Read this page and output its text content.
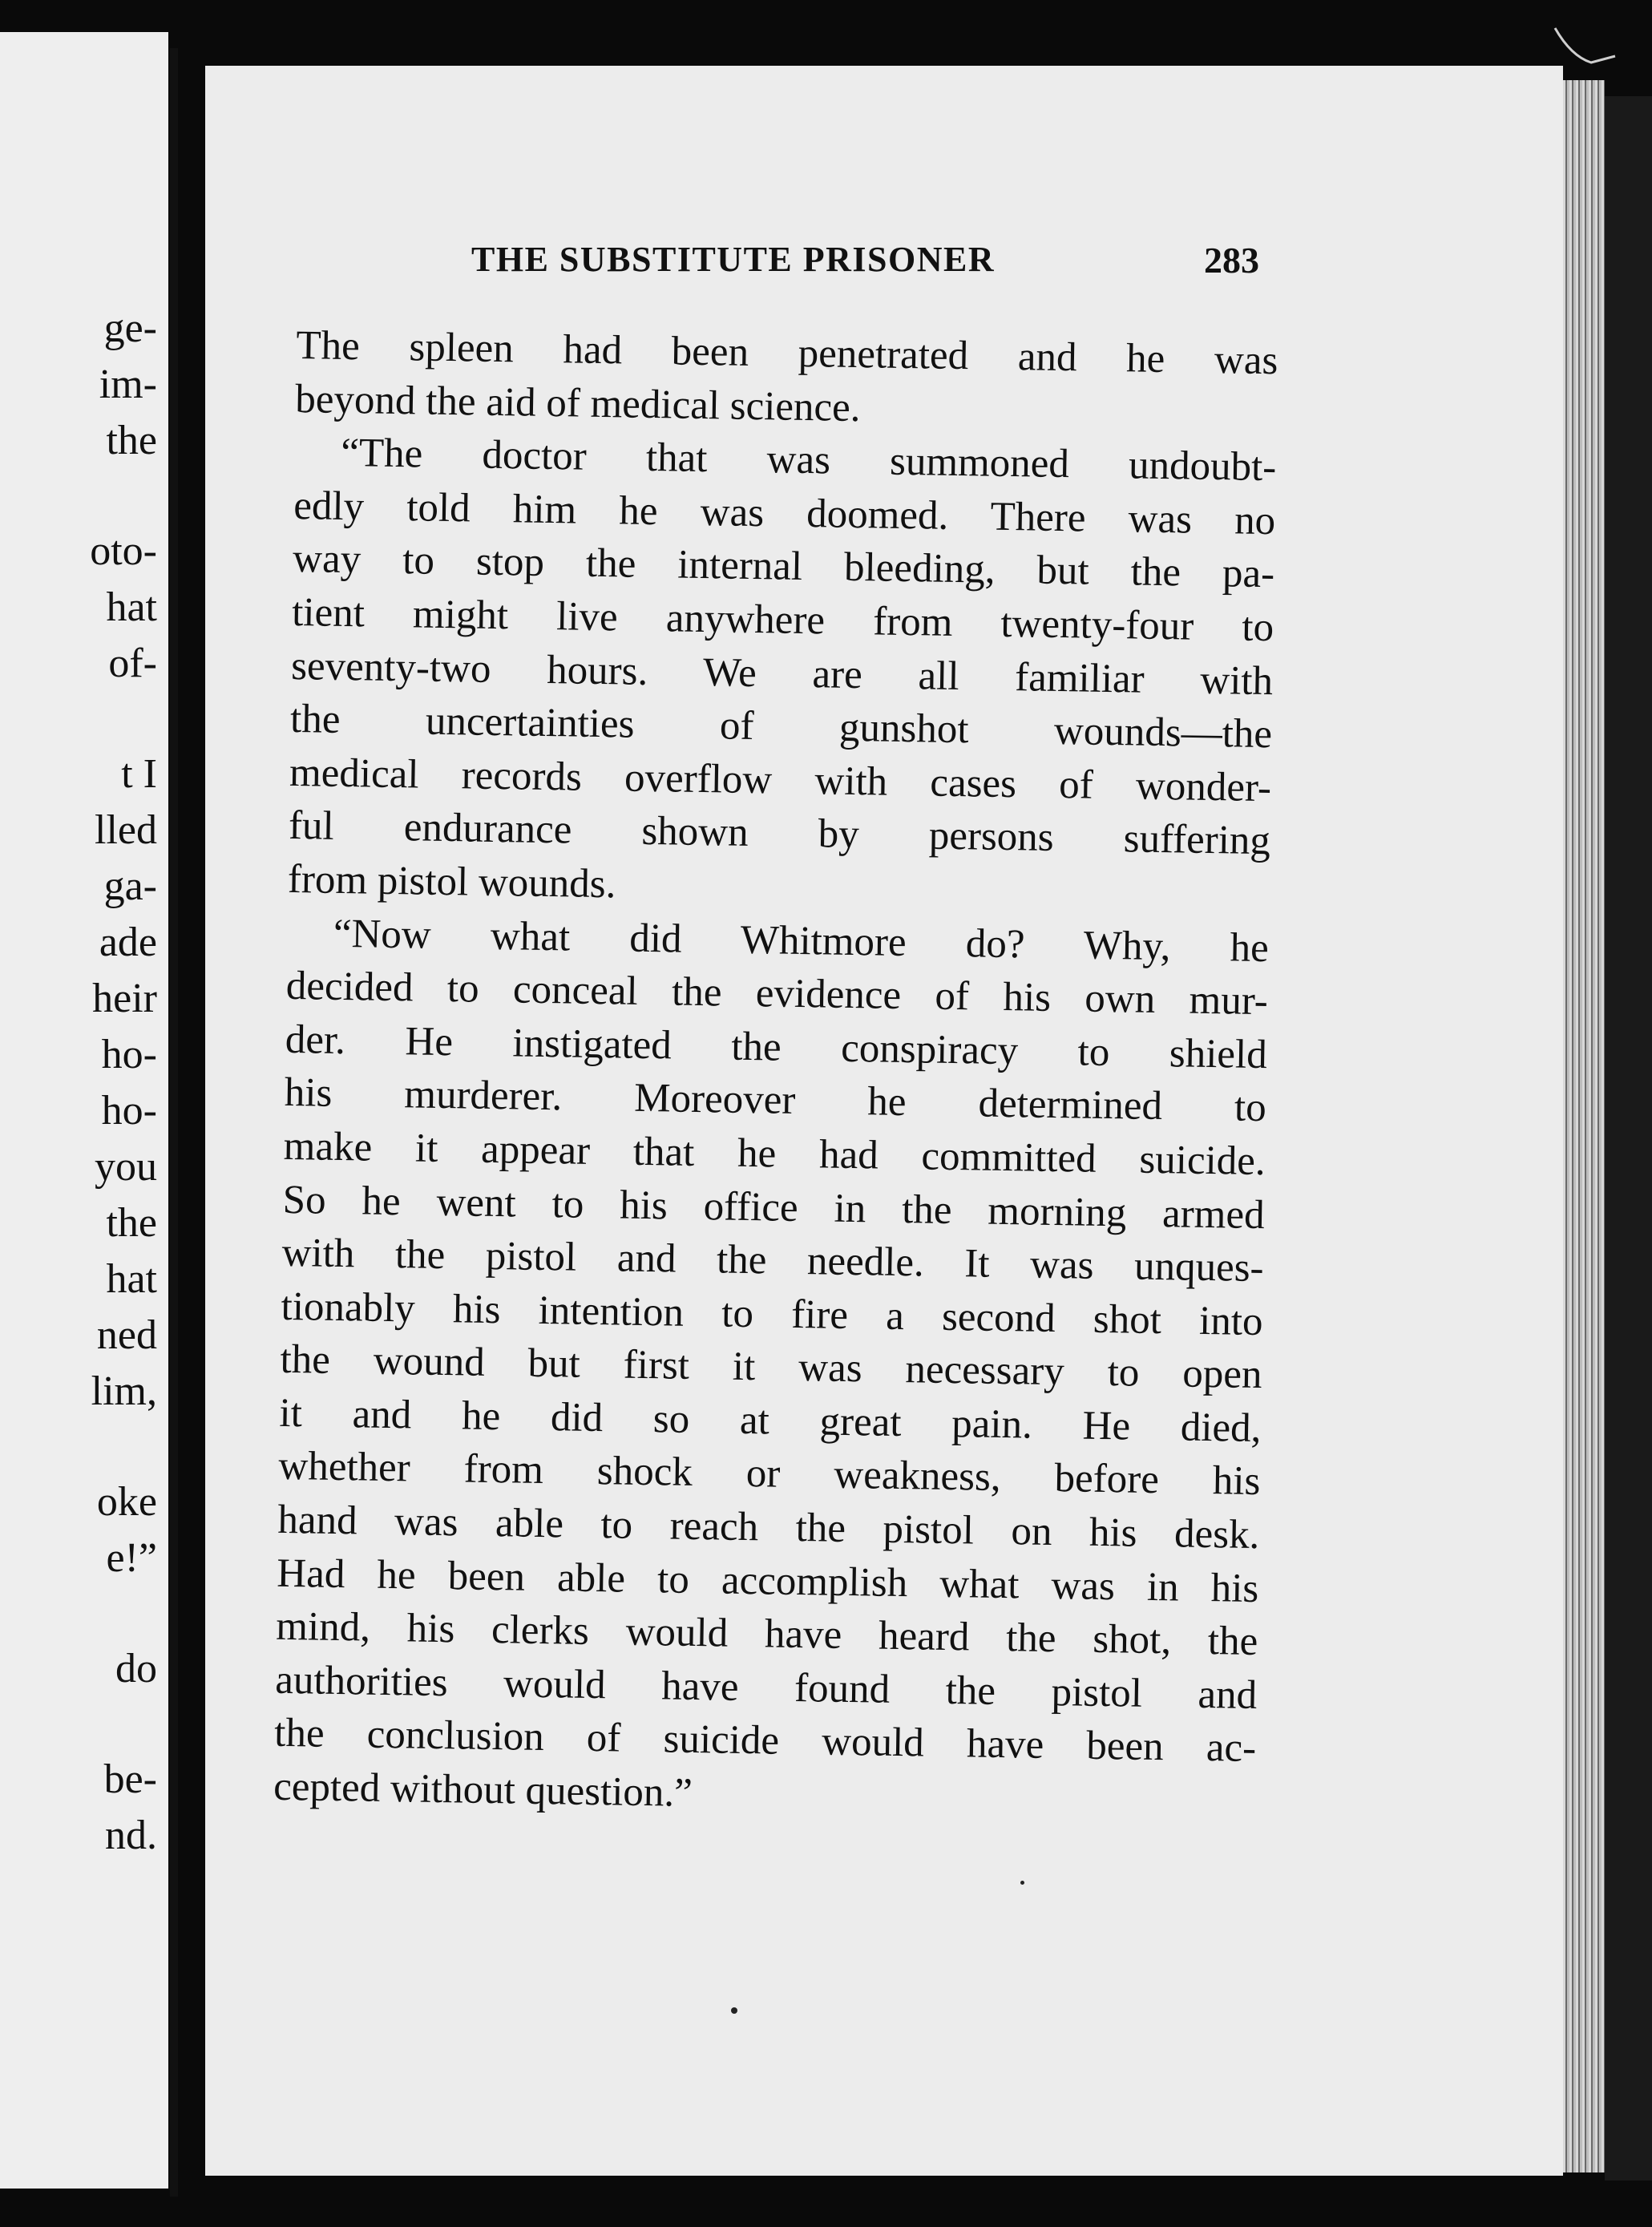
ge-
im-
the
oto-
hat
of-
t I
lled
ga-
ade
heir
ho-
ho-
you
the
hat
ned
lim,
oke
e!”
do
be-
nd.
THE SUBSTITUTE PRISONER	283
The spleen had been penetrated and he was
beyond the aid of medical science.
“The doctor that was summoned undoubt-
edly told him he was doomed. There was no
way to stop the internal bleeding, but the pa-
tient might live anywhere from twenty-four to
seventy-two hours. We are all familiar with
the uncertainties of gunshot wounds—the
medical records overflow with cases of wonder-
ful endurance shown by persons suffering
from pistol wounds.
“Now what did Whitmore do? Why, he
decided to conceal the evidence of his own mur-
der. He instigated the conspiracy to shield
his murderer. Moreover he determined to
make it appear that he had committed suicide.
So he went to his office in the morning armed
with the pistol and the needle. It was unques-
tionably his intention to fire a second shot into
the wound but first it was necessary to open
it and he did so at great pain. He died,
whether from shock or weakness, before his
hand was able to reach the pistol on his desk.
Had he been able to accomplish what was in his
mind, his clerks would have heard the shot, the
authorities would have found the pistol and
the conclusion of suicide would have been ac-
cepted without question.”
